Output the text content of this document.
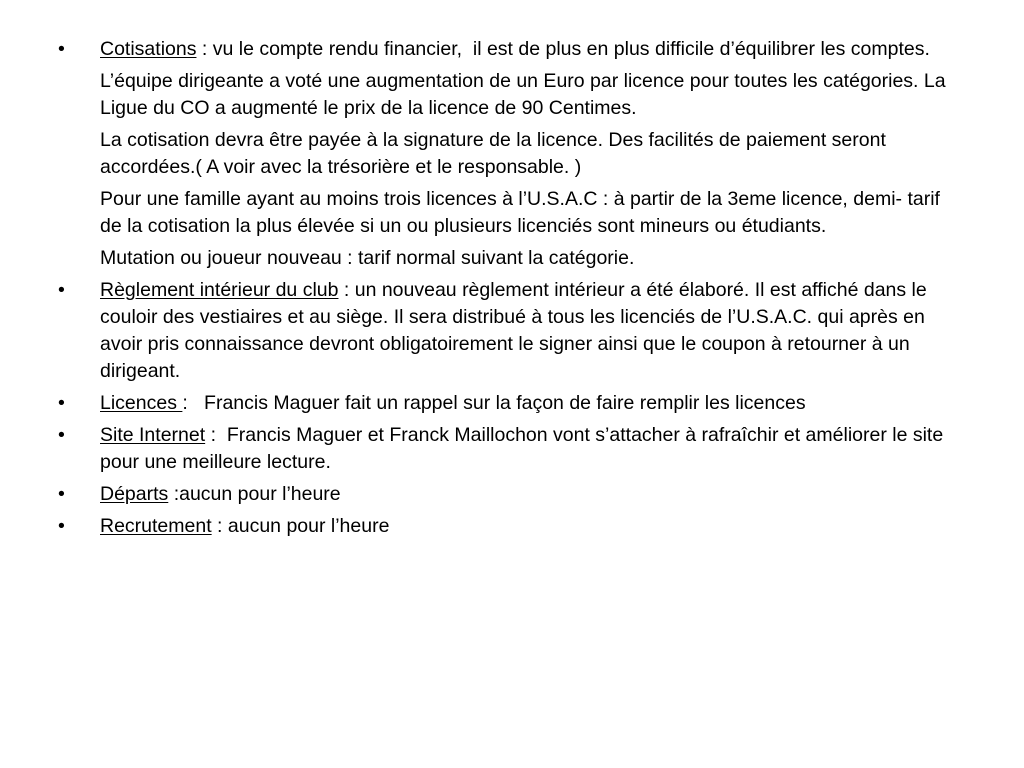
• Cotisations : vu le compte rendu financier,  il est de plus en plus difficile d’équilibrer les comptes.
L’équipe dirigeante a voté une augmentation de un Euro par licence pour toutes les catégories. La Ligue du CO a augmenté le prix de la licence de 90 Centimes.
La cotisation devra être payée à la signature de la licence. Des facilités de paiement seront accordées.( A voir avec la trésorière et le responsable. )
Pour une famille ayant au moins trois licences à l’U.S.A.C : à partir de la 3eme licence, demi- tarif de la cotisation la plus élevée si un ou plusieurs licenciés sont mineurs ou étudiants.
Mutation ou joueur nouveau : tarif normal suivant la catégorie.
• Règlement intérieur du club : un nouveau règlement intérieur a été élaboré. Il est affiché dans le couloir des vestiaires et au siège. Il sera distribué à tous les licenciés de l’U.S.A.C. qui après en avoir pris connaissance devront obligatoirement le signer ainsi que le coupon à retourner à un dirigeant.
• Licences :   Francis Maguer fait un rappel sur la façon de faire remplir les licences
• Site Internet :  Francis Maguer et Franck Maillochon vont s’attacher à rafraîchir et améliorer le site pour une meilleure lecture.
• Départs :aucun pour l’heure
• Recrutement : aucun pour l’heure
